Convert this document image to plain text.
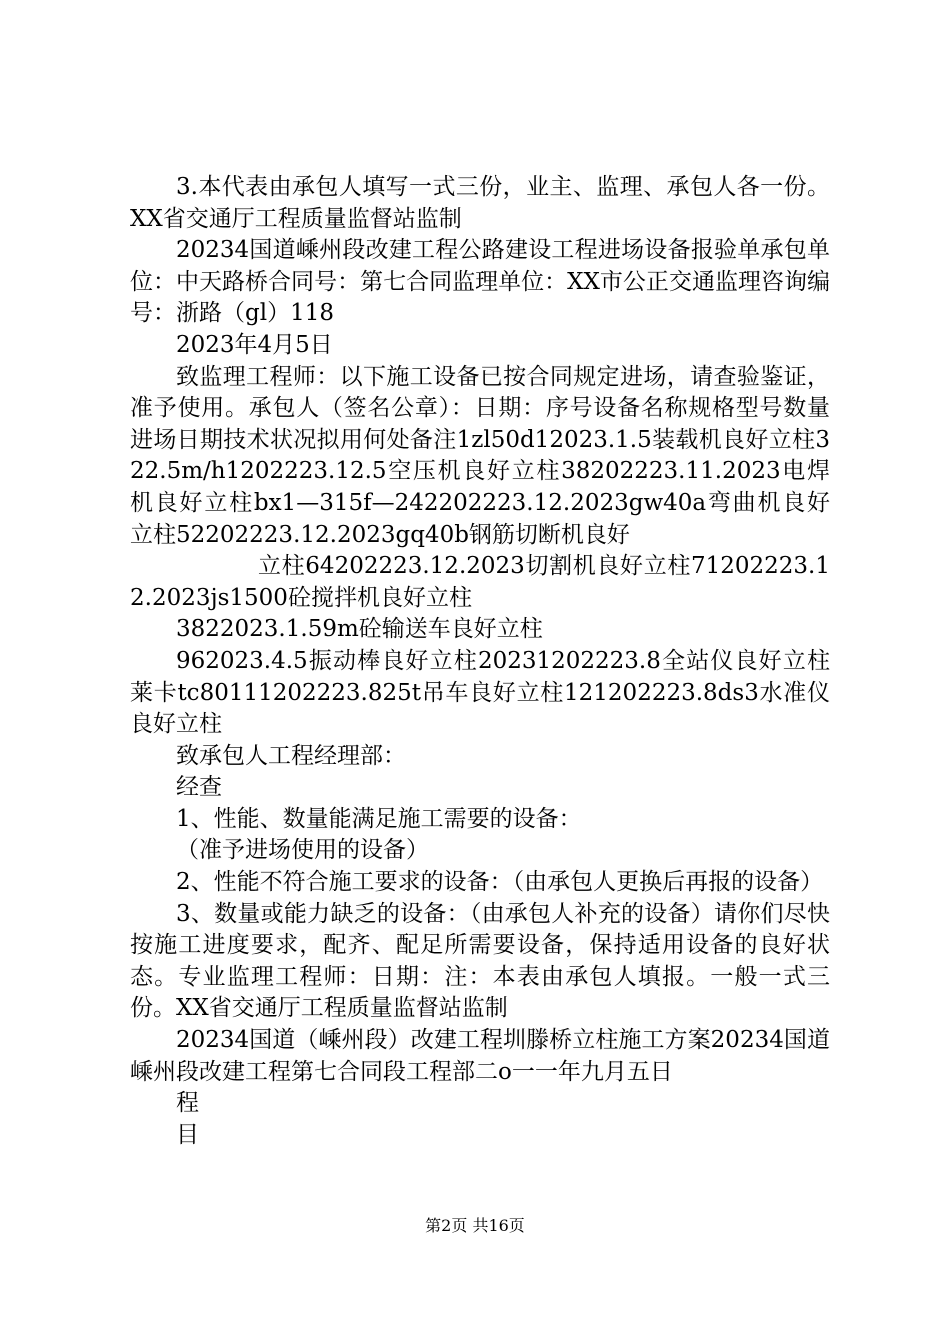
3.本代表由承包人填写一式三份，业主、监理、承包人各一份。XX省交通厅工程质量监督站监制

20234国道嵊州段改建工程公路建设工程进场设备报验单承包单位：中天路桥合同号：第七合同监理单位：XX市公正交通监理咨询编号：浙路（gl）118

2023年4月5日

致监理工程师：以下施工设备已按合同规定进场，请查验鉴证，准予使用。承包人（签名公章）：日期：序号设备名称规格型号数量进场日期技术状况拟用何处备注1zl50d12023.1.5装载机良好立柱322.5m/h1202223.12.5空压机良好立柱38202223.11.2023电焊机良好立柱bx1—315f—242202223.12.2023gw40a弯曲机良好立柱52202223.12.2023gq40b钢筋切断机良好

立柱64202223.12.2023切割机良好立柱71202223.12.2023js1500砼搅拌机良好立柱

3822023.1.59m砼输送车良好立柱

962023.4.5振动棒良好立柱20231202223.8全站仪良好立柱莱卡tc80111202223.825t吊车良好立柱121202223.8ds3水准仪良好立柱

致承包人工程经理部：

经查

1、性能、数量能满足施工需要的设备：

（准予进场使用的设备）

2、性能不符合施工要求的设备：（由承包人更换后再报的设备）

3、数量或能力缺乏的设备：（由承包人补充的设备）请你们尽快按施工进度要求，配齐、配足所需要设备，保持适用设备的良好状态。专业监理工程师：日期：注：本表由承包人填报。一般一式三份。XX省交通厅工程质量监督站监制

20234国道（嵊州段）改建工程圳滕桥立柱施工方案20234国道嵊州段改建工程第七合同段工程部二o一一年九月五日

程

目

第2页 共16页
